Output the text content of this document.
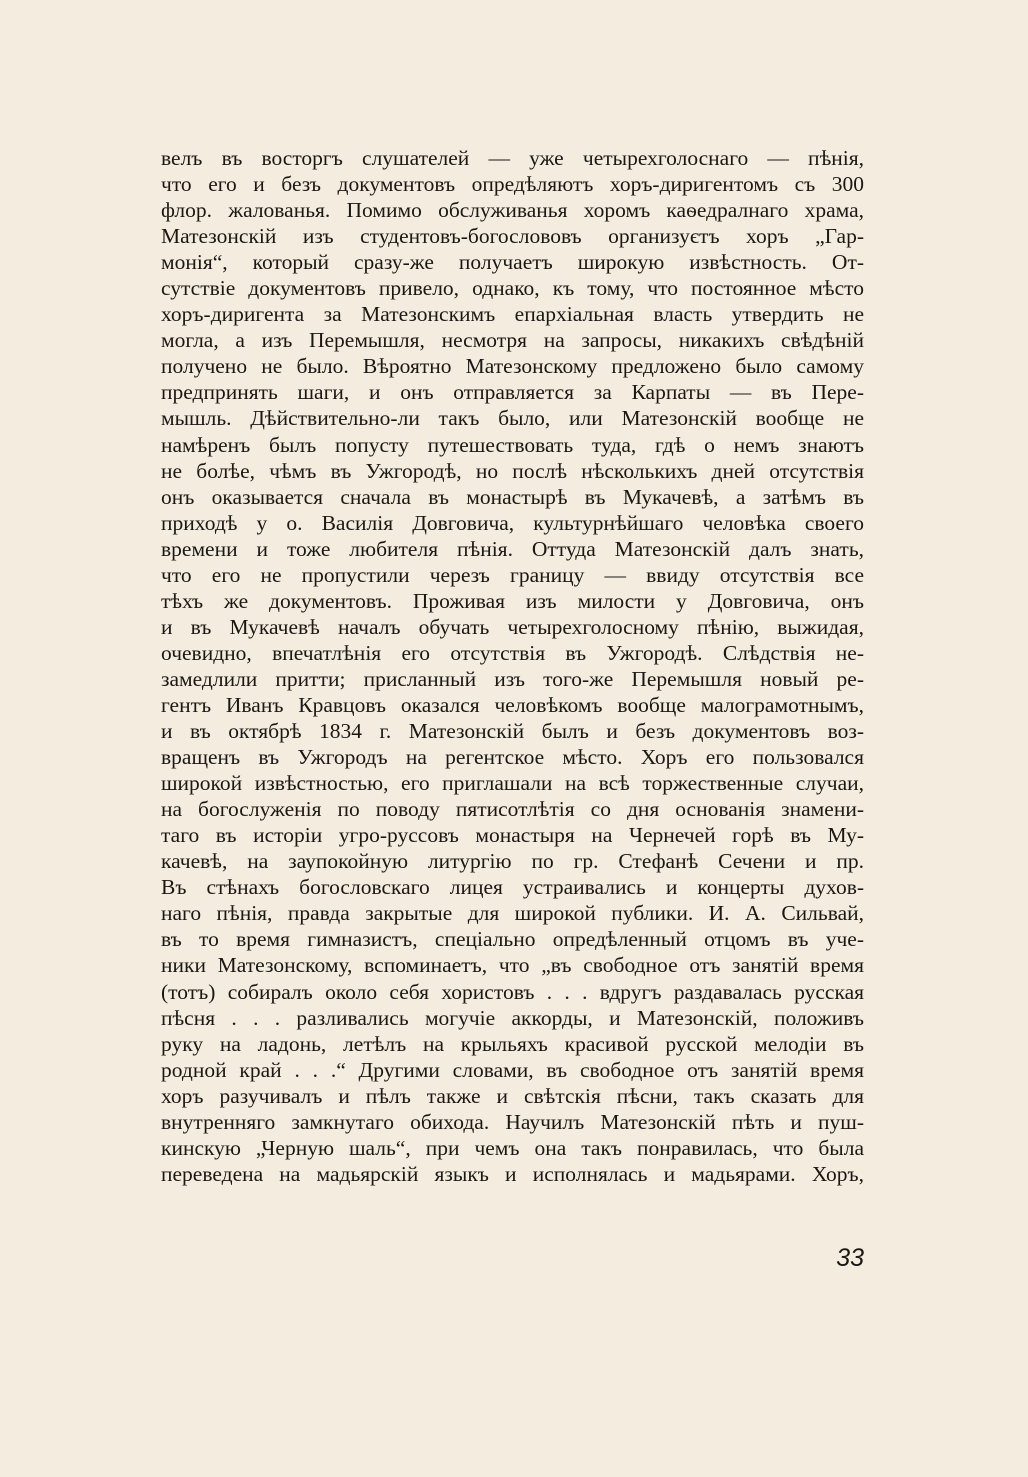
велъ въ восторгъ слушателей — уже четырехголоснаго — пѣнія,
что его и безъ документовъ опредѣляютъ хоръ-диригентомъ съ 300
флор. жалованья. Помимо обслуживанья хоромъ каѳедралнаго храма,
Матезонскій изъ студентовъ-богослововъ организуєтъ хоръ „Гар-
монія“, который сразу-же получаетъ широкую извѣстность. От-
сутствіе документовъ привело, однако, къ тому, что постоянное мѣсто
хоръ-диригента за Матезонскимъ епархіальная власть утвердить не
могла, а изъ Перемышля, несмотря на запросы, никакихъ свѣдѣній
получено не было. Вѣроятно Матезонскому предложено было самому
предпринять шаги, и онъ отправляется за Карпаты — въ Пере-
мышль. Дѣйствительно-ли такъ было, или Матезонскій вообще не
намѣренъ былъ попусту путешествовать туда, гдѣ о немъ знаютъ
не болѣе, чѣмъ въ Ужгородѣ, но послѣ нѣсколькихъ дней отсутствія
онъ оказывается сначала въ монастырѣ въ Мукачевѣ, а затѣмъ въ
приходѣ у о. Василія Довговича, культурнѣйшаго человѣка своего
времени и тоже любителя пѣнія. Оттуда Матезонскій далъ знать,
что его не пропустили черезъ границу — ввиду отсутствія все
тѣхъ же документовъ. Проживая изъ милости у Довговича, онъ
и въ Мукачевѣ началъ обучать четырехголосному пѣнію, выжидая,
очевидно, впечатлѣнія его отсутствія въ Ужгородѣ. Слѣдствія не-
замедлили притти; присланный изъ того-же Перемышля новый ре-
гентъ Иванъ Кравцовъ оказался человѣкомъ вообще малограмотнымъ,
и въ октябрѣ 1834 г. Матезонскій былъ и безъ документовъ воз-
вращенъ въ Ужгородъ на регентское мѣсто. Хоръ его пользовался
широкой извѣстностью, его приглашали на всѣ торжественные случаи,
на богослуженія по поводу пятисотлѣтія со дня основанія знамени-
таго въ исторіи угро-руссовъ монастыря на Чернечей горѣ въ Му-
качевѣ, на заупокойную литургію по гр. Стефанѣ Сечени и пр.
Въ стѣнахъ богословскаго лицея устраивались и концерты духов-
наго пѣнія, правда закрытые для широкой публики. И. А. Сильвай,
въ то время гимназистъ, спеціально опредѣленный отцомъ въ уче-
ники Матезонскому, вспоминаетъ, что „въ свободное отъ занятій время
(тотъ) собиралъ около себя хористовъ . . . вдругъ раздавалась русская
пѣсня . . . разливались могучіе аккорды, и Матезонскій, положивъ
руку на ладонь, летѣлъ на крыльяхъ красивой русской мелодіи въ
родной край . . .“ Другими словами, въ свободное отъ занятій время
хоръ разучивалъ и пѣлъ также и свѣтскія пѣсни, такъ сказать для
внутренняго замкнутаго обихода. Научилъ Матезонскій пѣть и пуш-
кинскую „Черную шаль“, при чемъ она такъ понравилась, что была
переведена на мадьярскій языкъ и исполнялась и мадьярами. Хоръ,
33
